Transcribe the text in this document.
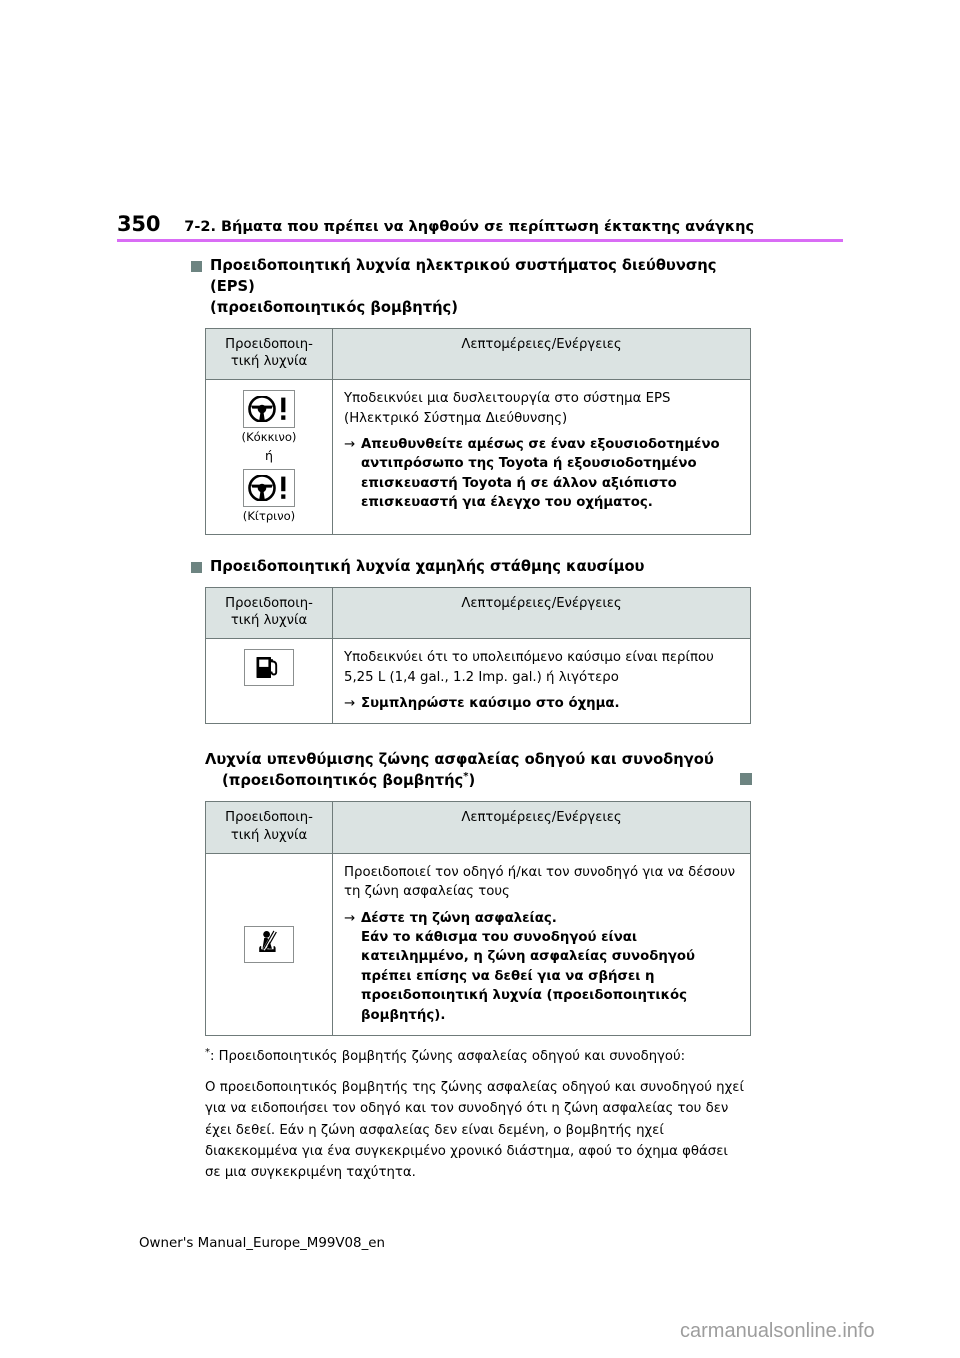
350 7-2. Βήματα που πρέπει να ληφθούν σε περίπτωση έκτακτης ανάγκης
Προειδοποιητική λυχνία ηλεκτρικού συστήματος διεύθυνσης (EPS)
(προειδοποιητικός βομβητής)
Προειδοποιη-
τική λυχνία	Λεπτομέρειες/Ενέργειες

(Κόκκινο)
ή
(Κίτρινο)

Υποδεικνύει μια δυσλειτουργία στο σύστημα EPS (Ηλεκτρικό Σύστημα Διεύθυνσης)

→ Απευθυνθείτε αμέσως σε έναν εξουσιοδοτημένο αντιπρόσωπο της Toyota ή εξουσιοδοτημένο επισκευαστή Toyota ή σε άλλον αξιόπιστο επισκευαστή για έλεγχο του οχήματος.
Προειδοποιητική λυχνία χαμηλής στάθμης καυσίμου
Προειδοποιη-
τική λυχνία	Λεπτομέρειες/Ενέργειες

Υποδεικνύει ότι το υπολειπόμενο καύσιμο είναι περίπου 5,25 L (1,4 gal., 1.2 Imp. gal.) ή λιγότερο

→ Συμπληρώστε καύσιμο στο όχημα.
Λυχνία υπενθύμισης ζώνης ασφαλείας οδηγού και συνοδηγού
(προειδοποιητικός βομβητής*)
Προειδοποιη-
τική λυχνία	Λεπτομέρειες/Ενέργειες

Προειδοποιεί τον οδηγό ή/και τον συνοδηγό για να δέσουν τη ζώνη ασφαλείας τους

→ Δέστε τη ζώνη ασφαλείας.
Εάν το κάθισμα του συνοδηγού είναι κατειλημμένο, η ζώνη ασφαλείας συνοδηγού πρέπει επίσης να δεθεί για να σβήσει η προειδοποιητική λυχνία (προειδοποιητικός βομβητής).
* : Προειδοποιητικός βομβητής ζώνης ασφαλείας οδηγού και συνοδηγού:
Ο προειδοποιητικός βομβητής της ζώνης ασφαλείας οδηγού και συνοδηγού ηχεί για να ειδοποιήσει τον οδηγό και τον συνοδηγό ότι η ζώνη ασφαλείας του δεν έχει δεθεί. Εάν η ζώνη ασφαλείας δεν είναι δεμένη, ο βομβητής ηχεί διακεκομμένα για ένα συγκεκριμένο χρονικό διάστημα, αφού το όχημα φθάσει σε μια συγκεκριμένη ταχύτητα.
Owner's Manual_Europe_M99V08_en
carmanualsonline.info
